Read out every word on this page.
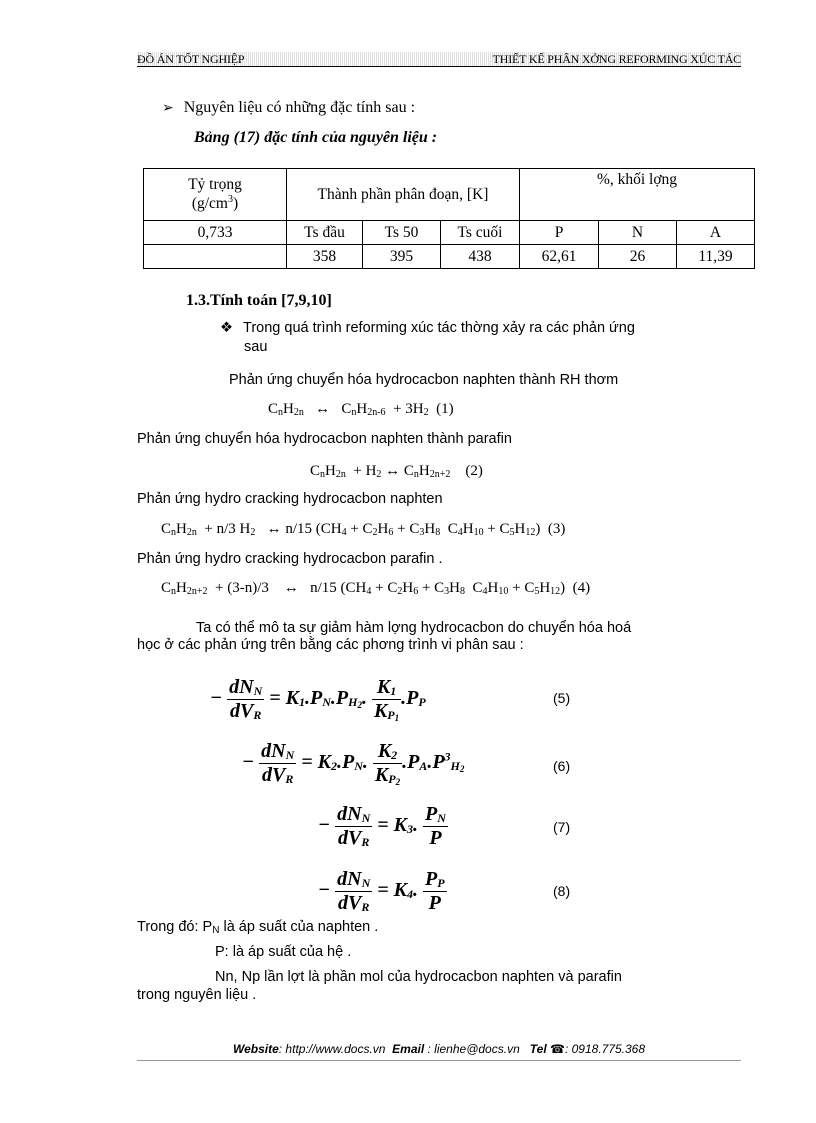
ĐỒ ÁN TỐT NGHIỆP	THIẾT KẾ PHÂN XỞNG REFORMING XÚC TÁC
➢ Nguyên liệu có những đặc tính sau :
Bảng (17) đặc tính của nguyên liệu :
Tỷ trọng
$(g/cm^3)$	Thành phần phân đoạn, [K]			%, khối lợng		
0,733	Ts đầu	Ts 50	Ts cuối	P	N	A
	358	395	438	62,61	26	11,39
1.3.Tính toán [7,9,10]
❖ Trong quá trình reforming xúc tác thờng xảy ra các phản ứng
sau
Phản ứng chuyển hóa hydrocacbon naphten thành RH thơm
$C_nH_{2n}$   ↔   $C_nH_{2n-6} + 3H_2$ (1)
Phản ứng chuyển hóa hydrocacbon naphten thành parafin
$C_nH_{2n} + H_2$ ↔ $C_nH_{2n+2}$ (2)
Phản ứng hydro cracking hydrocacbon naphten
$C_nH_{2n} + n/3$ $H_2$   ↔ n/15 ($CH_4 + C_2H_6 + C_3H_8$  $C_4H_{10} + C_5H_{12}$)  (3)
Phản ứng hydro cracking hydrocacbon parafin .
$C_nH_{2n+2} + (3-n)/3$    ↔   n/15 ($CH_4 + C_2H_6 + C_3H_8$  $C_4H_{10} + C_5H_{12}$)  (4)
Ta có thể mô ta sự giảm hàm lợng hydrocacbon do chuyển hóa hoá
học ở các phản ứng trên bằng các phơng trình vi phân sau :
− $\frac{dN_N}{dV_R} = K_1.P_N.P_{H_2}$. $\frac{K_1}{K_{P_1}} .P_P$	(5)
− $\frac{dN_N}{dV_R} = K_2.P_N$. $\frac{K_2}{K_{P_2}} .P_A.P^3_{H_2}$	(6)
− $\frac{dN_N}{dV_R} = K_3$. $\frac{P_N}{P}$	(7)
− $\frac{dN_N}{dV_R} = K_4$. $\frac{P_P}{P}$	(8)
Trong đó: $P_N$ là áp suất của naphten .
P: là áp suất của hệ .
Nn, Np lần lợt là phần mol của hydrocacbon naphten và parafin
trong nguyên liệu .
Website: http://www.docs.vn Email : lienhe@docs.vn Tel ☎: 0918.775.368
